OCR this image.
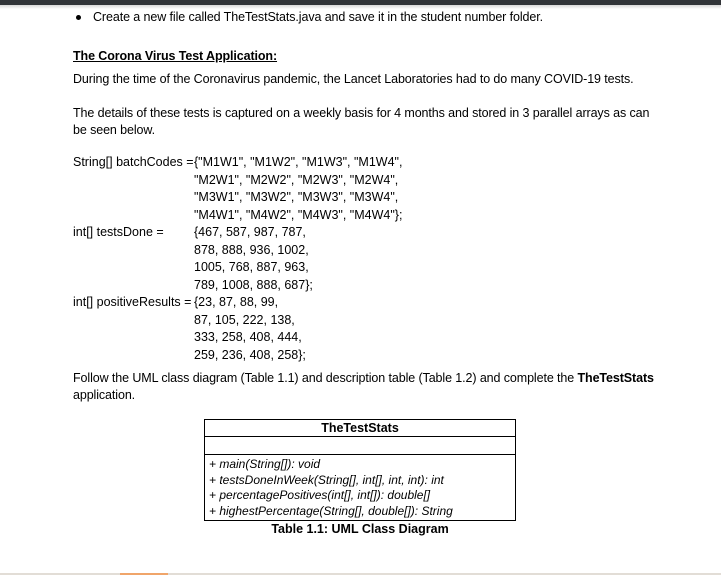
Create a new file called TheTestStats.java and save it in the student number folder.
The Corona Virus Test Application:
During the time of the Coronavirus pandemic, the Lancet Laboratories had to do many COVID-19 tests.
The details of these tests is captured on a weekly basis for 4 months and stored in 3 parallel arrays as can
be seen below.
String[] batchCodes = {"M1W1", "M1W2", "M1W3", "M1W4",
"M2W1", "M2W2", "M2W3", "M2W4",
"M3W1", "M3W2", "M3W3", "M3W4",
"M4W1", "M4W2", "M4W3", "M4W4"};
int[] testsDone = {467, 587, 987, 787,
878, 888, 936, 1002,
1005, 768, 887, 963,
789, 1008, 888, 687};
int[] positiveResults = {23, 87, 88, 99,
87, 105, 222, 138,
333, 258, 408, 444,
259, 236, 408, 258};
Follow the UML class diagram (Table 1.1) and description table (Table 1.2) and complete the TheTestStats
application.
TheTestStats
+ main(String[]): void
+ testsDoneInWeek(String[], int[], int, int): int
+ percentagePositives(int[], int[]): double[]
+ highestPercentage(String[], double[]): String
Table 1.1: UML Class Diagram
